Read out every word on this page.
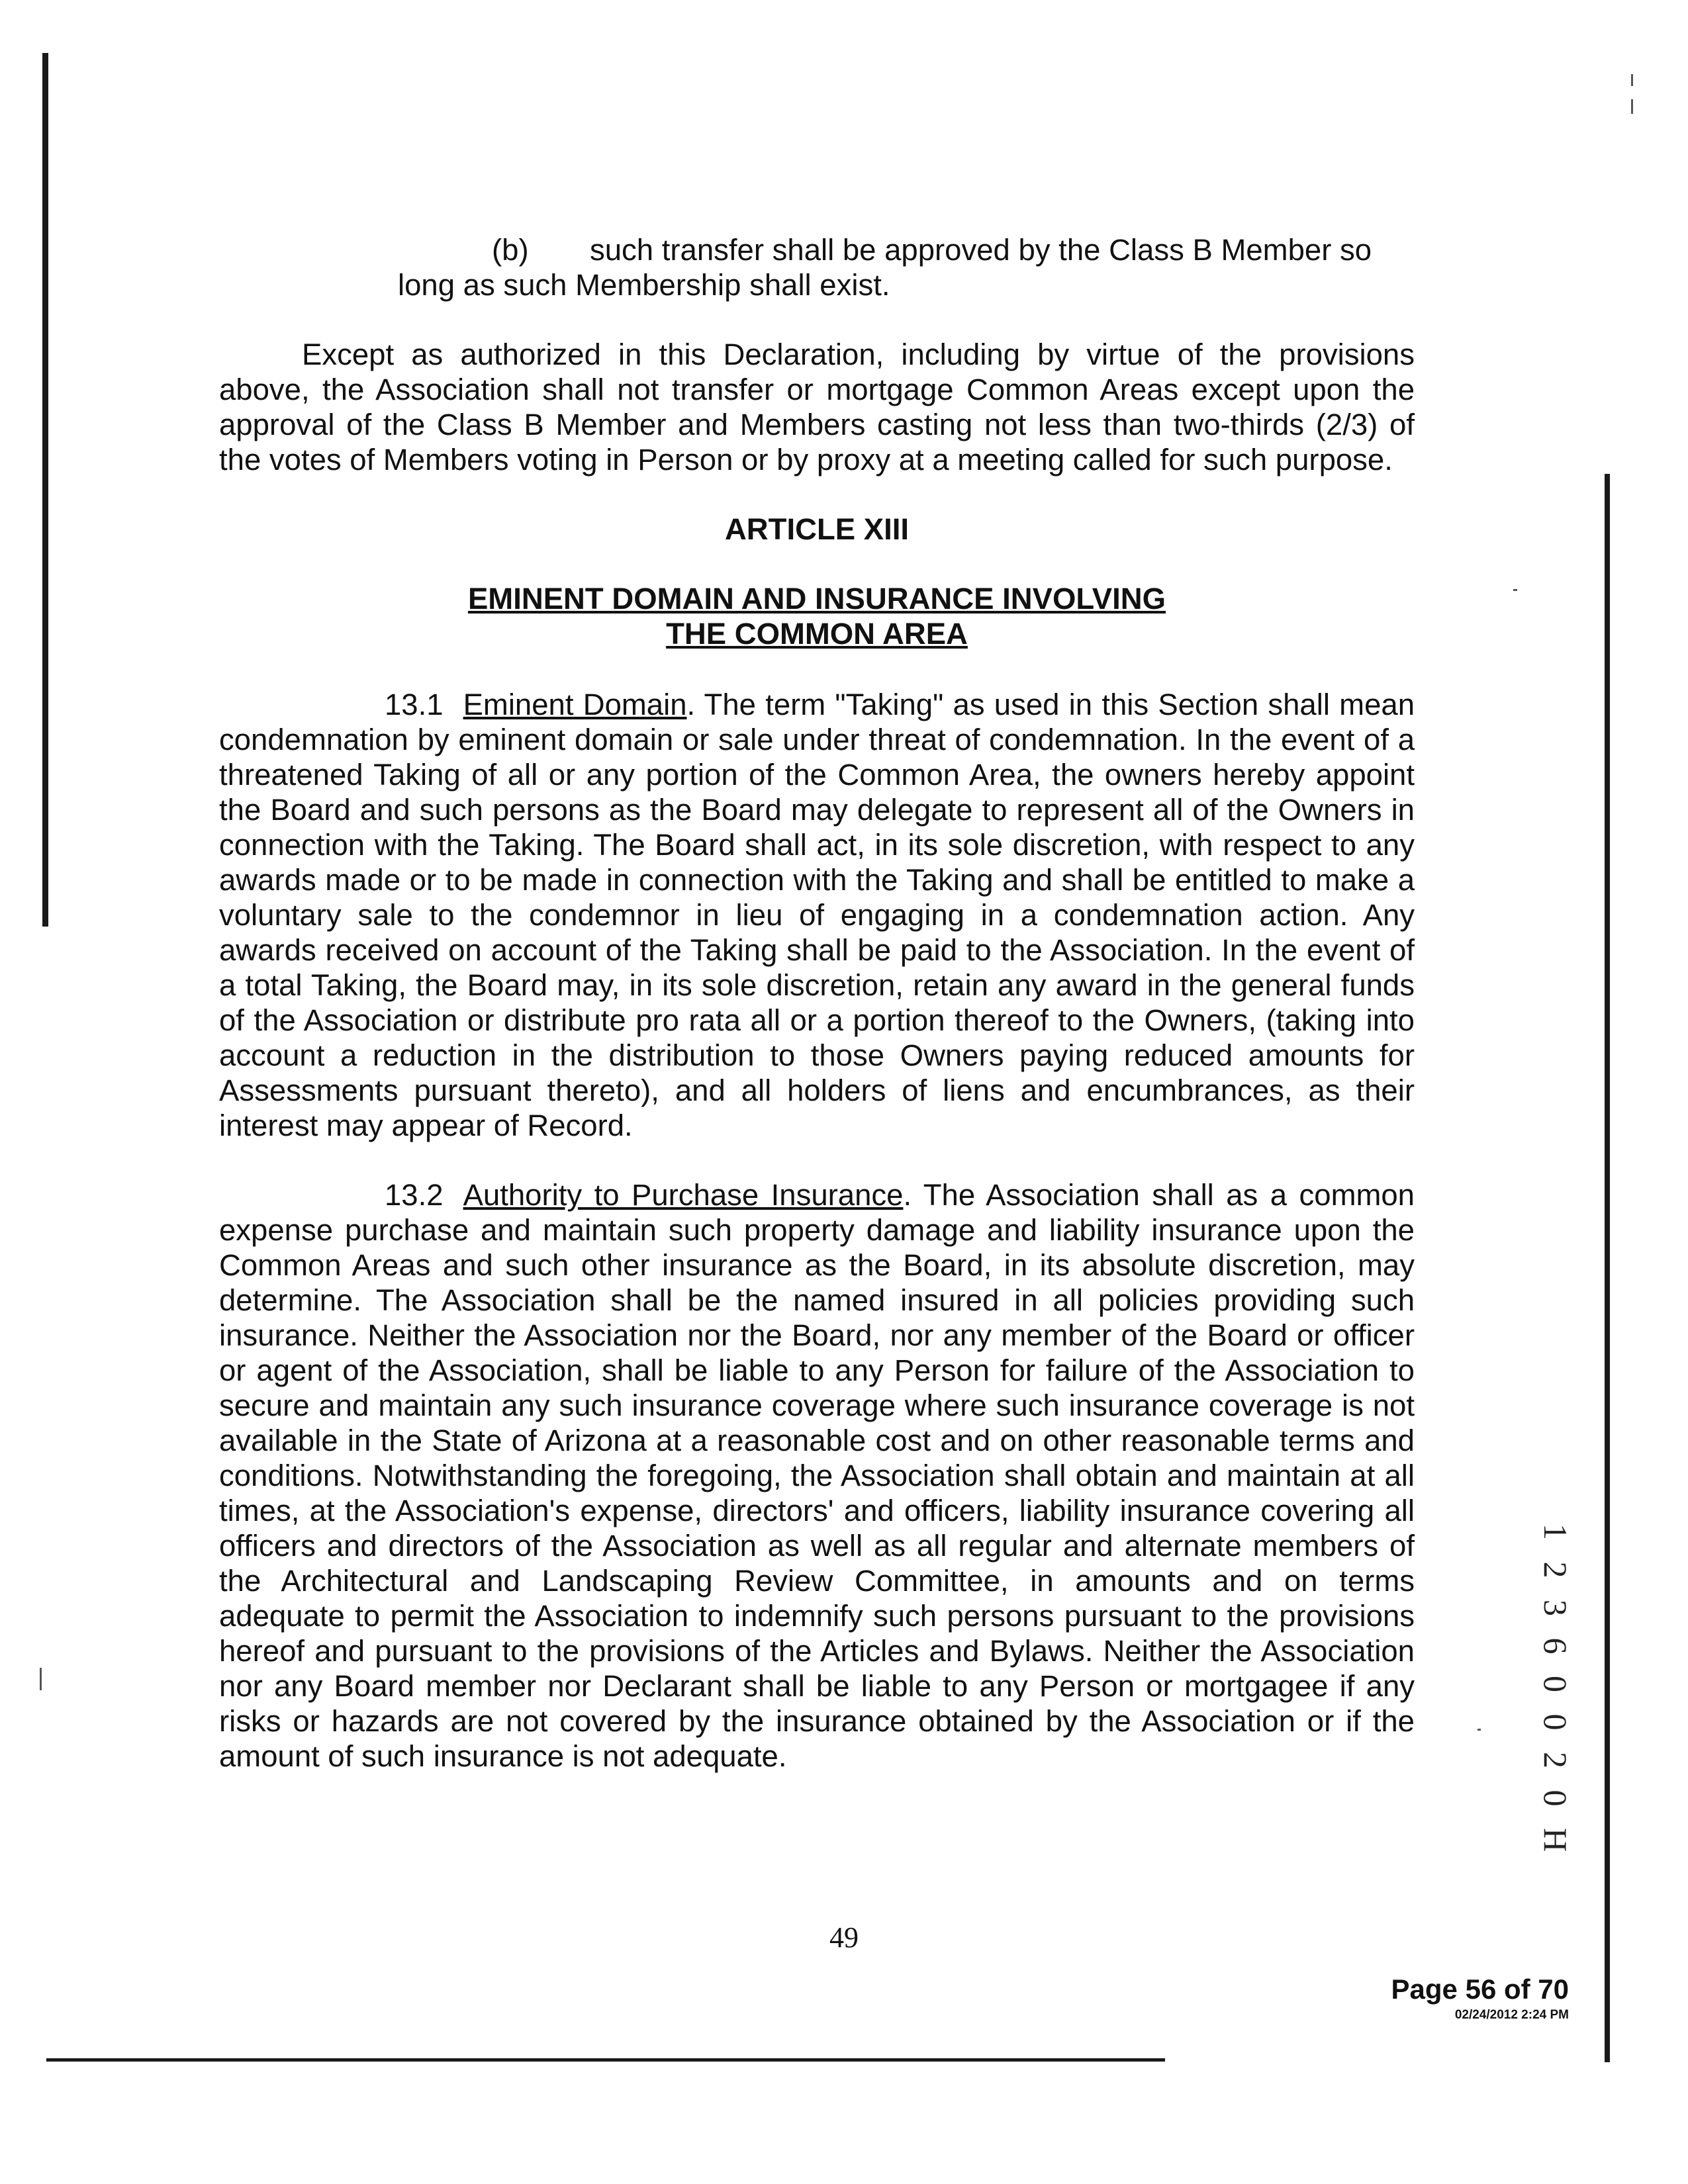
(b) such transfer shall be approved by the Class B Member so
long as such Membership shall exist.

Except as authorized in this Declaration, including by virtue of the provisions above, the Association shall not transfer or mortgage Common Areas except upon the approval of the Class B Member and Members casting not less than two-thirds (2/3) of the votes of Members voting in Person or by proxy at a meeting called for such purpose.

ARTICLE XIII
EMINENT DOMAIN AND INSURANCE INVOLVING
THE COMMON AREA

13.1 Eminent Domain. The term "Taking" as used in this Section shall mean condemnation by eminent domain or sale under threat of condemnation. In the event of a threatened Taking of all or any portion of the Common Area, the owners hereby appoint the Board and such persons as the Board may delegate to represent all of the Owners in connection with the Taking. The Board shall act, in its sole discretion, with respect to any awards made or to be made in connection with the Taking and shall be entitled to make a voluntary sale to the condemnor in lieu of engaging in a condemnation action. Any awards received on account of the Taking shall be paid to the Association. In the event of a total Taking, the Board may, in its sole discretion, retain any award in the general funds of the Association or distribute pro rata all or a portion thereof to the Owners, (taking into account a reduction in the distribution to those Owners paying reduced amounts for Assessments pursuant thereto), and all holders of liens and encumbrances, as their interest may appear of Record.

13.2 Authority to Purchase Insurance. The Association shall as a common expense purchase and maintain such property damage and liability insurance upon the Common Areas and such other insurance as the Board, in its absolute discretion, may determine. The Association shall be the named insured in all policies providing such insurance. Neither the Association nor the Board, nor any member of the Board or officer or agent of the Association, shall be liable to any Person for failure of the Association to secure and maintain any such insurance coverage where such insurance coverage is not available in the State of Arizona at a reasonable cost and on other reasonable terms and conditions. Notwithstanding the foregoing, the Association shall obtain and maintain at all times, at the Association's expense, directors' and officers, liability insurance covering all officers and directors of the Association as well as all regular and alternate members of the Architectural and Landscaping Review Committee, in amounts and on terms adequate to permit the Association to indemnify such persons pursuant to the provisions hereof and pursuant to the provisions of the Articles and Bylaws. Neither the Association nor any Board member nor Declarant shall be liable to any Person or mortgagee if any risks or hazards are not covered by the insurance obtained by the Association or if the amount of such insurance is not adequate.

49
Page 56 of 70
02/24/2012 2:24 PM
1 2 3 6 0 0 2 0 H
